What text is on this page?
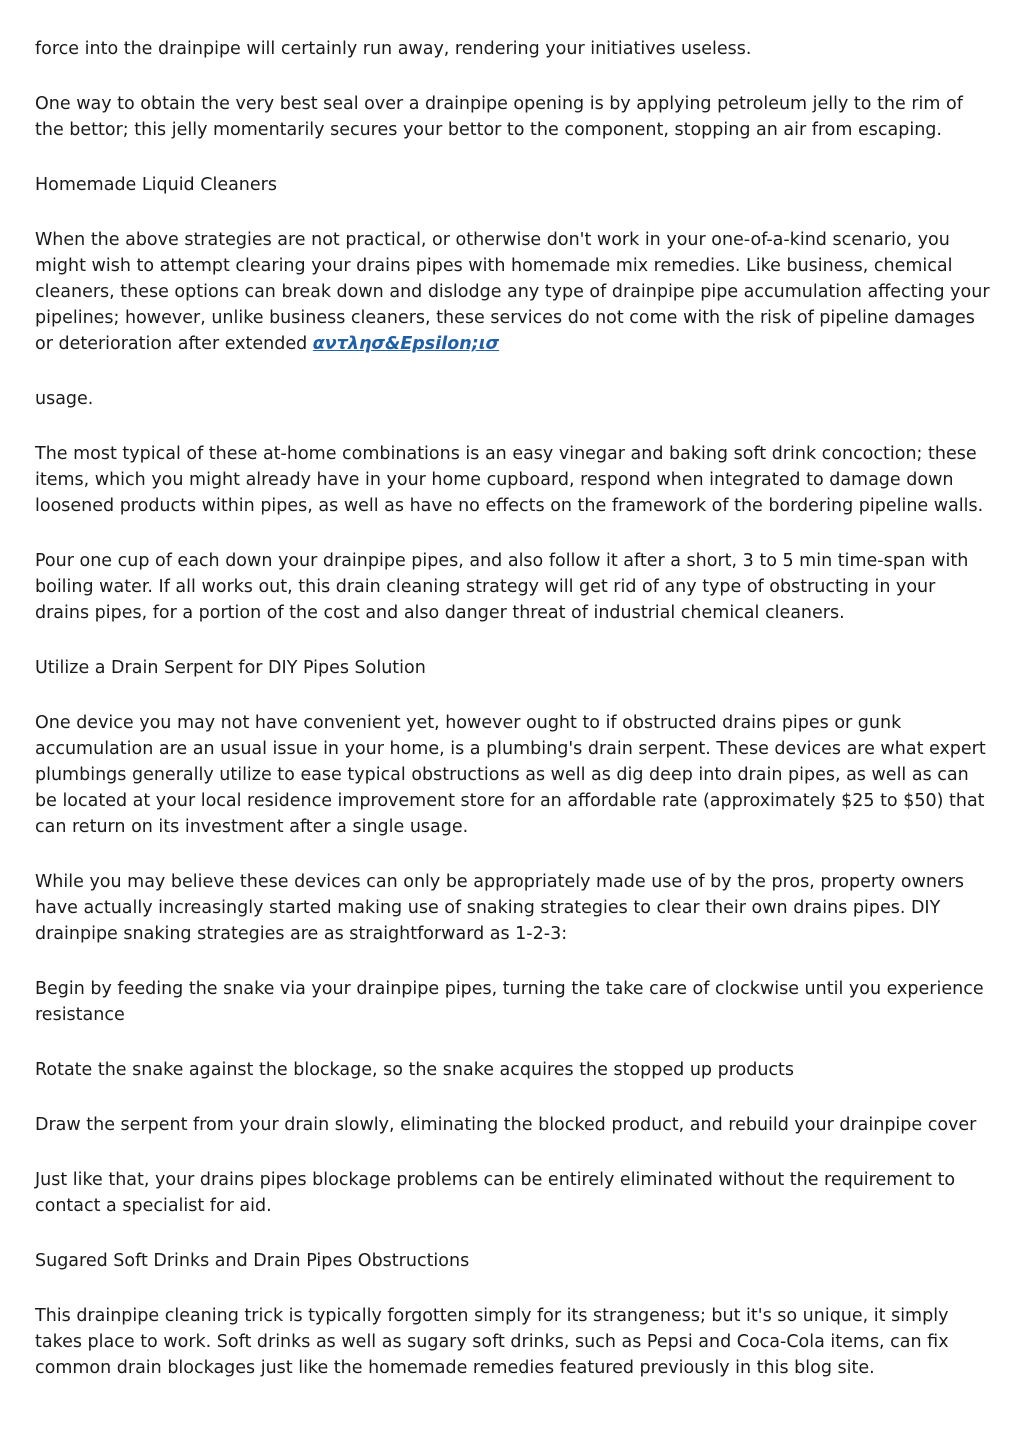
force into the drainpipe will certainly run away, rendering your initiatives useless.

One way to obtain the very best seal over a drainpipe opening is by applying petroleum jelly to the rim of the bettor; this jelly momentarily secures your bettor to the component, stopping an air from escaping.

Homemade Liquid Cleaners

When the above strategies are not practical, or otherwise don't work in your one-of-a-kind scenario, you might wish to attempt clearing your drains pipes with homemade mix remedies. Like business, chemical cleaners, these options can break down and dislodge any type of drainpipe pipe accumulation affecting your pipelines; however, unlike business cleaners, these services do not come with the risk of pipeline damages or deterioration after extended αντλησ&Epsilon;ισ

usage.

The most typical of these at-home combinations is an easy vinegar and baking soft drink concoction; these items, which you might already have in your home cupboard, respond when integrated to damage down loosened products within pipes, as well as have no effects on the framework of the bordering pipeline walls.

Pour one cup of each down your drainpipe pipes, and also follow it after a short, 3 to 5 min time-span with boiling water. If all works out, this drain cleaning strategy will get rid of any type of obstructing in your drains pipes, for a portion of the cost and also danger threat of industrial chemical cleaners.

Utilize a Drain Serpent for DIY Pipes Solution

One device you may not have convenient yet, however ought to if obstructed drains pipes or gunk accumulation are an usual issue in your home, is a plumbing's drain serpent. These devices are what expert plumbings generally utilize to ease typical obstructions as well as dig deep into drain pipes, as well as can be located at your local residence improvement store for an affordable rate (approximately $25 to $50) that can return on its investment after a single usage.

While you may believe these devices can only be appropriately made use of by the pros, property owners have actually increasingly started making use of snaking strategies to clear their own drains pipes. DIY drainpipe snaking strategies are as straightforward as 1-2-3:

Begin by feeding the snake via your drainpipe pipes, turning the take care of clockwise until you experience resistance

Rotate the snake against the blockage, so the snake acquires the stopped up products

Draw the serpent from your drain slowly, eliminating the blocked product, and rebuild your drainpipe cover

Just like that, your drains pipes blockage problems can be entirely eliminated without the requirement to contact a specialist for aid.

Sugared Soft Drinks and Drain Pipes Obstructions

This drainpipe cleaning trick is typically forgotten simply for its strangeness; but it's so unique, it simply takes place to work. Soft drinks as well as sugary soft drinks, such as Pepsi and Coca-Cola items, can fix common drain blockages just like the homemade remedies featured previously in this blog site.
